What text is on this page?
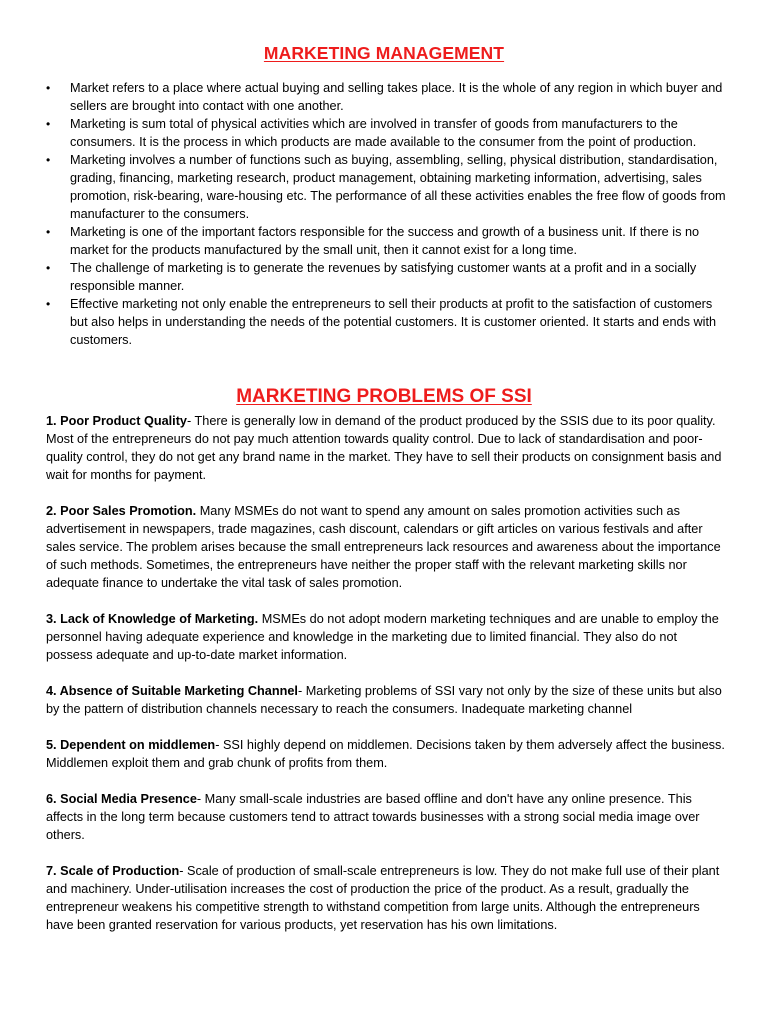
MARKETING MANAGEMENT
• Market refers to a place where actual buying and selling takes place. It is the whole of any region in which buyer and sellers are brought into contact with one another.
• Marketing is sum total of physical activities which are involved in transfer of goods from manufacturers to the consumers. It is the process in which products are made available to the consumer from the point of production.
• Marketing involves a number of functions such as buying, assembling, selling, physical distribution, standardisation, grading, financing, marketing research, product management, obtaining marketing information, advertising, sales promotion, risk-bearing, ware-housing etc. The performance of all these activities enables the free flow of goods from manufacturer to the consumers.
• Marketing is one of the important factors responsible for the success and growth of a business unit. If there is no market for the products manufactured by the small unit, then it cannot exist for a long time.
• The challenge of marketing is to generate the revenues by satisfying customer wants at a profit and in a socially responsible manner.
• Effective marketing not only enable the entrepreneurs to sell their products at profit to the satisfaction of customers but also helps in understanding the needs of the potential customers. It is customer oriented. It starts and ends with customers.
MARKETING PROBLEMS OF SSI

1. Poor Product Quality- There is generally low in demand of the product produced by the SSIS due to its poor quality. Most of the entrepreneurs do not pay much attention towards quality control. Due to lack of standardisation and poor-quality control, they do not get any brand name in the market. They have to sell their products on consignment basis and wait for months for payment.

2. Poor Sales Promotion. Many MSMEs do not want to spend any amount on sales promotion activities such as advertisement in newspapers, trade magazines, cash discount, calendars or gift articles on various festivals and after sales service. The problem arises because the small entrepreneurs lack resources and awareness about the importance of such methods. Sometimes, the entrepreneurs have neither the proper staff with the relevant marketing skills nor adequate finance to undertake the vital task of sales promotion.

3. Lack of Knowledge of Marketing. MSMEs do not adopt modern marketing techniques and are unable to employ the personnel having adequate experience and knowledge in the marketing due to limited financial. They also do not possess adequate and up-to-date market information.

4. Absence of Suitable Marketing Channel- Marketing problems of SSI vary not only by the size of these units but also by the pattern of distribution channels necessary to reach the consumers. Inadequate marketing channel

5. Dependent on middlemen- SSI highly depend on middlemen. Decisions taken by them adversely affect the business. Middlemen exploit them and grab chunk of profits from them.

6. Social Media Presence- Many small-scale industries are based offline and don't have any online presence. This affects in the long term because customers tend to attract towards businesses with a strong social media image over others.

7. Scale of Production- Scale of production of small-scale entrepreneurs is low. They do not make full use of their plant and machinery. Under-utilisation increases the cost of production the price of the product. As a result, gradually the entrepreneur weakens his competitive strength to withstand competition from large units. Although the entrepreneurs have been granted reservation for various products, yet reservation has his own limitations.
